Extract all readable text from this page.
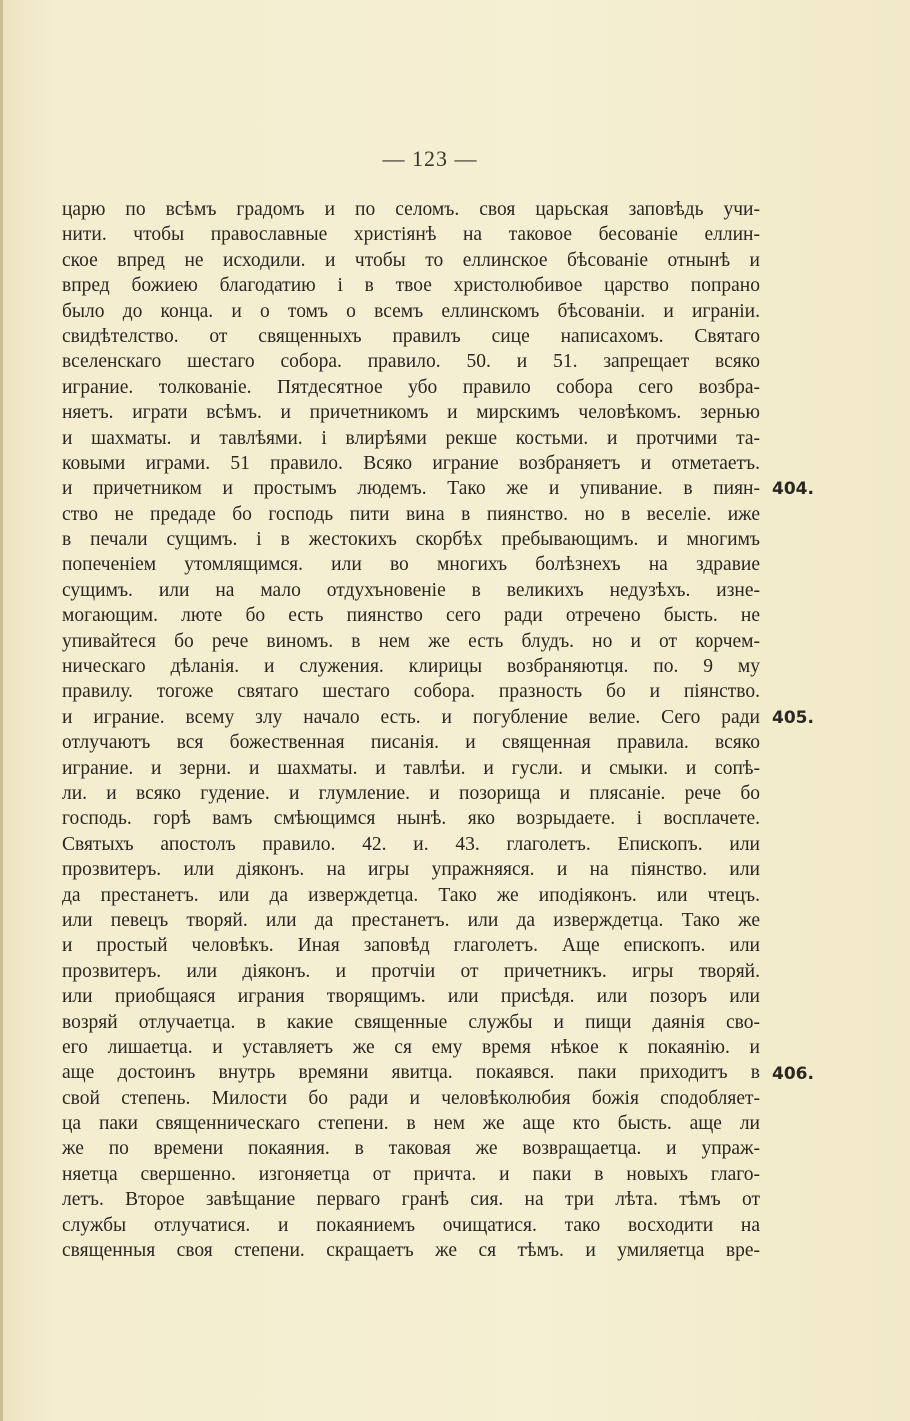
— 123 —
царю по всѣмъ градомъ и по селомъ. своя царьская заповѣдь учи-
нити. чтобы православные христіянѣ на таковое бесованіе еллин-
ское впред не исходили. и чтобы то еллинское бѣсованіе отнынѣ и
впред божиею благодатию і в твое христолюбивое царство попрано
было до конца. и о томъ о всемъ еллинскомъ бѣсованіи. и играніи.
свидѣтелство. от священныхъ правилъ сице написахомъ. Святаго
вселенскаго шестаго собора. правило. 50. и 51. запрещает всяко
играние. толкованіе. Пятдесятное убо правило собора сего возбра-
няетъ. играти всѣмъ. и причетникомъ и мирскимъ человѣкомъ. зернью
и шахматы. и тавлѣями. і влирѣями рекше костьми. и протчими та-
ковыми играми. 51 правило. Всяко играние возбраняетъ и отметаетъ.
и причетником и простымъ людемъ. Тако же и упивание. в пиян-
ство не предаде бо господь пити вина в пиянство. но в веселіе. иже
в печали сущимъ. і в жестокихъ скорбѣх пребывающимъ. и многимъ
попеченіем утомлящимся. или во многихъ болѣзнехъ на здравие
сущимъ. или на мало отдухъновеніе в великихъ недузѣхъ. изне-
могающим. люте бо есть пиянство сего ради отречено бысть. не
упивайтеся бо рече виномъ. в нем же есть блудъ. но и от корчем-
ническаго дѣланія. и служения. клирицы возбраняютця. по. 9 му
правилу. тогоже святаго шестаго собора. празность бо и піянство.
и играние. всему злу начало есть. и погубление велие. Сего ради
отлучаютъ вся божественная писанія. и священная правила. всяко
играние. и зерни. и шахматы. и тавлѣи. и гусли. и смыки. и сопѣ-
ли. и всяко гудение. и глумление. и позорища и плясаніе. рече бо
господь. горѣ вамъ смѣющимся нынѣ. яко возрыдаете. і восплачете.
Святыхъ апостолъ правило. 42. и. 43. глаголетъ. Епископъ. или
прозвитеръ. или діяконъ. на игры упражняяся. и на піянство. или
да престанетъ. или да изверждетца. Тако же иподіяконъ. или чтецъ.
или певецъ творяй. или да престанетъ. или да изверждетца. Тако же
и простый человѣкъ. Иная заповѣд глаголетъ. Аще епископъ. или
прозвитеръ. или діяконъ. и протчіи от причетникъ. игры творяй.
или приобщаяся играния творящимъ. или присѣдя. или позоръ или
возряй отлучаетца. в какие священные службы и пищи даянія сво-
его лишаетца. и уставляетъ же ся ему время нѣкое к покаянію. и
аще достоинъ внутрь времяни явитца. покаявся. паки приходитъ в
свой степень. Милости бо ради и человѣколюбия божія сподобляет-
ца паки священническаго степени. в нем же аще кто бысть. аще ли
же по времени покаяния. в таковая же возвращаетца. и упраж-
няетца свершенно. изгоняетца от причта. и паки в новыхъ глаго-
летъ. Второе завѣщание перваго гранѣ сия. на три лѣта. тѣмъ от
службы отлучатися. и покаяниемъ очищатися. тако восходити на
священныя своя степени. скращаетъ же ся тѣмъ. и умиляетца вре-
404.
405.
406.
